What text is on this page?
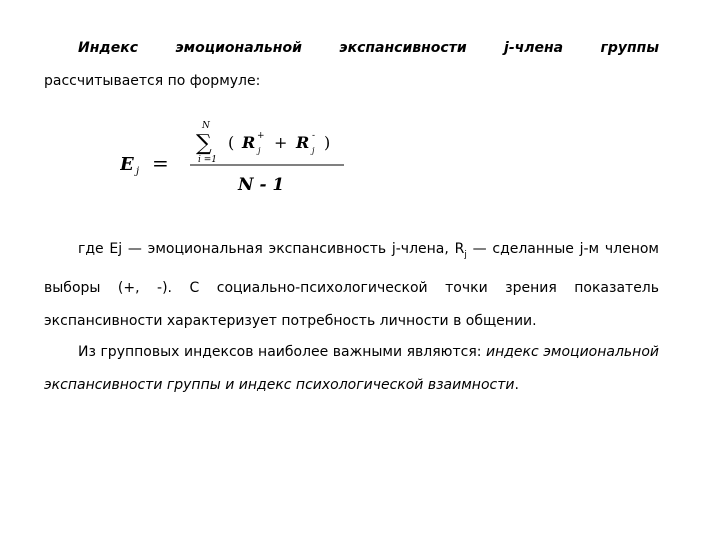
Индекс эмоциональной экспансивности j-члена группы
рассчитывается по формуле:
E j =
N
∑
i =1
( R +
j + R -
j )
N - 1
где Ej — эмоциональная экспансивность j-члена, $R_j$ — сделанные j-м членом выборы (+, -). С социально-психологической точки зрения показатель экспансивности характеризует потребность личности в общении.
Из групповых индексов наиболее важными являются: индекс эмоциональной экспансивности группы и индекс психологической взаимности.
